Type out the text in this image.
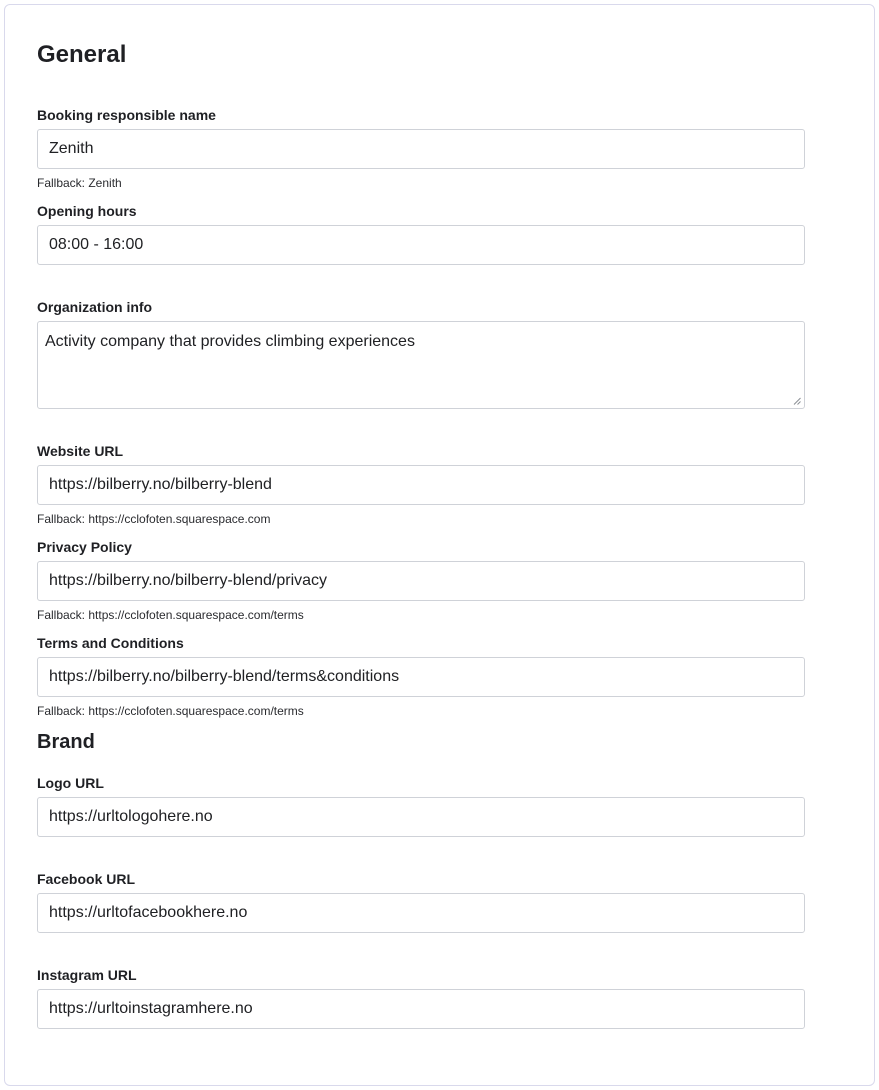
General
Booking responsible name
Zenith
Fallback: Zenith
Opening hours
08:00 - 16:00
Organization info
Activity company that provides climbing experiences
Website URL
https://bilberry.no/bilberry-blend
Fallback: https://cclofoten.squarespace.com
Privacy Policy
https://bilberry.no/bilberry-blend/privacy
Fallback: https://cclofoten.squarespace.com/terms
Terms and Conditions
https://bilberry.no/bilberry-blend/terms&conditions
Fallback: https://cclofoten.squarespace.com/terms
Brand
Logo URL
https://urltologohere.no
Facebook URL
https://urltofacebookhere.no
Instagram URL
https://urltoinstagramhere.no
